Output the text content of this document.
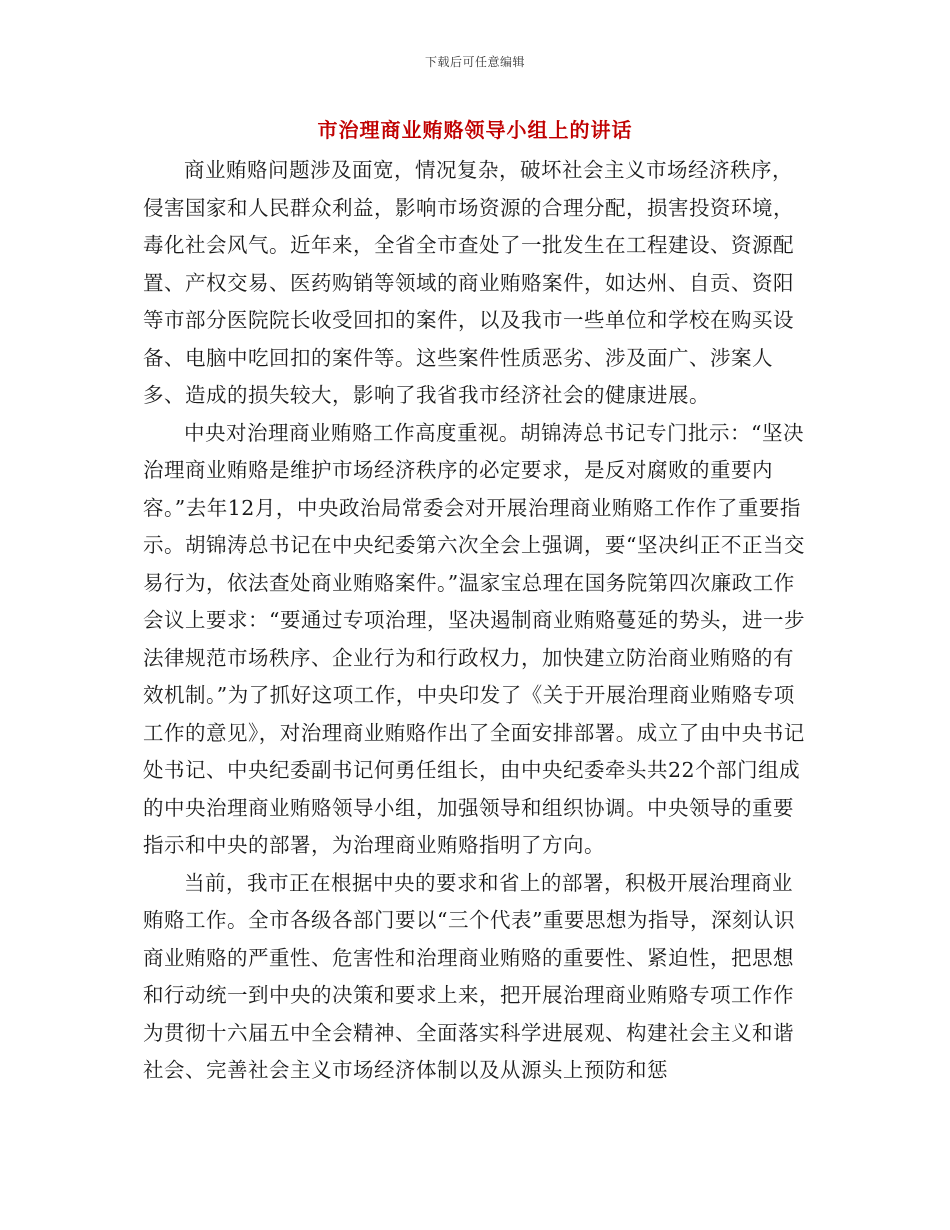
下载后可任意编辑
市治理商业贿赂领导小组上的讲话

商业贿赂问题涉及面宽，情况复杂，破坏社会主义市场经济秩序，侵害国家和人民群众利益，影响市场资源的合理分配，损害投资环境，毒化社会风气。近年来，全省全市查处了一批发生在工程建设、资源配置、产权交易、医药购销等领域的商业贿赂案件，如达州、自贡、资阳等市部分医院院长收受回扣的案件，以及我市一些单位和学校在购买设备、电脑中吃回扣的案件等。这些案件性质恶劣、涉及面广、涉案人多、造成的损失较大，影响了我省我市经济社会的健康进展。

中央对治理商业贿赂工作高度重视。胡锦涛总书记专门批示：“坚决治理商业贿赂是维护市场经济秩序的必定要求，是反对腐败的重要内容。”去年12月，中央政治局常委会对开展治理商业贿赂工作作了重要指示。胡锦涛总书记在中央纪委第六次全会上强调，要“坚决纠正不正当交易行为，依法查处商业贿赂案件。”温家宝总理在国务院第四次廉政工作会议上要求：“要通过专项治理，坚决遏制商业贿赂蔓延的势头，进一步法律规范市场秩序、企业行为和行政权力，加快建立防治商业贿赂的有效机制。”为了抓好这项工作，中央印发了《关于开展治理商业贿赂专项工作的意见》，对治理商业贿赂作出了全面安排部署。成立了由中央书记处书记、中央纪委副书记何勇任组长，由中央纪委牵头共22个部门组成的中央治理商业贿赂领导小组，加强领导和组织协调。中央领导的重要指示和中央的部署，为治理商业贿赂指明了方向。

当前，我市正在根据中央的要求和省上的部署，积极开展治理商业贿赂工作。全市各级各部门要以“三个代表”重要思想为指导，深刻认识商业贿赂的严重性、危害性和治理商业贿赂的重要性、紧迫性，把思想和行动统一到中央的决策和要求上来，把开展治理商业贿赂专项工作作为贯彻十六届五中全会精神、全面落实科学进展观、构建社会主义和谐社会、完善社会主义市场经济体制以及从源头上预防和惩
